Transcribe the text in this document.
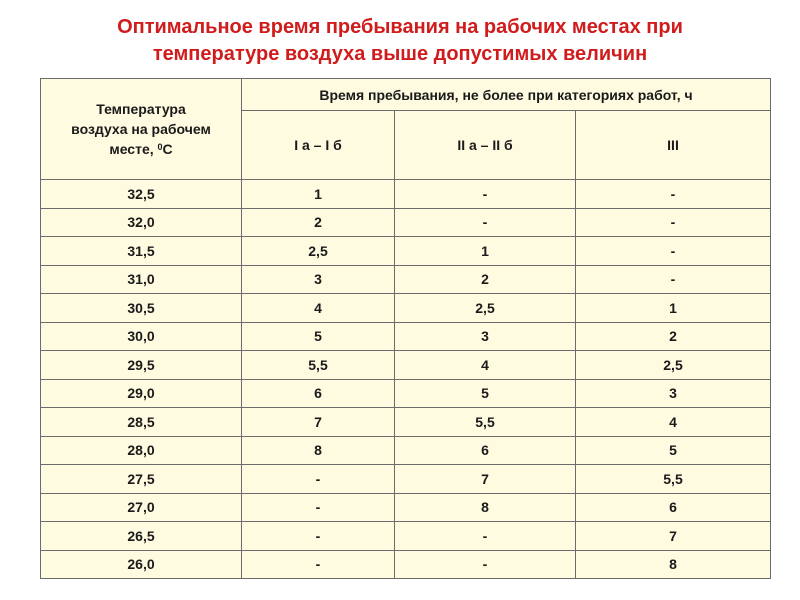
Оптимальное время пребывания на рабочих местах при
температуре воздуха выше допустимых величин
Температура
воздуха на рабочем
месте, $^0$С	Время пребывания, не более при категориях работ, ч		
	I а – I б	II а – II б	III
32,5	1	-	-
32,0	2	-	-
31,5	2,5	1	-
31,0	3	2	-
30,5	4	2,5	1
30,0	5	3	2
29,5	5,5	4	2,5
29,0	6	5	3
28,5	7	5,5	4
28,0	8	6	5
27,5	-	7	5,5
27,0	-	8	6
26,5	-	-	7
26,0	-	-	8
